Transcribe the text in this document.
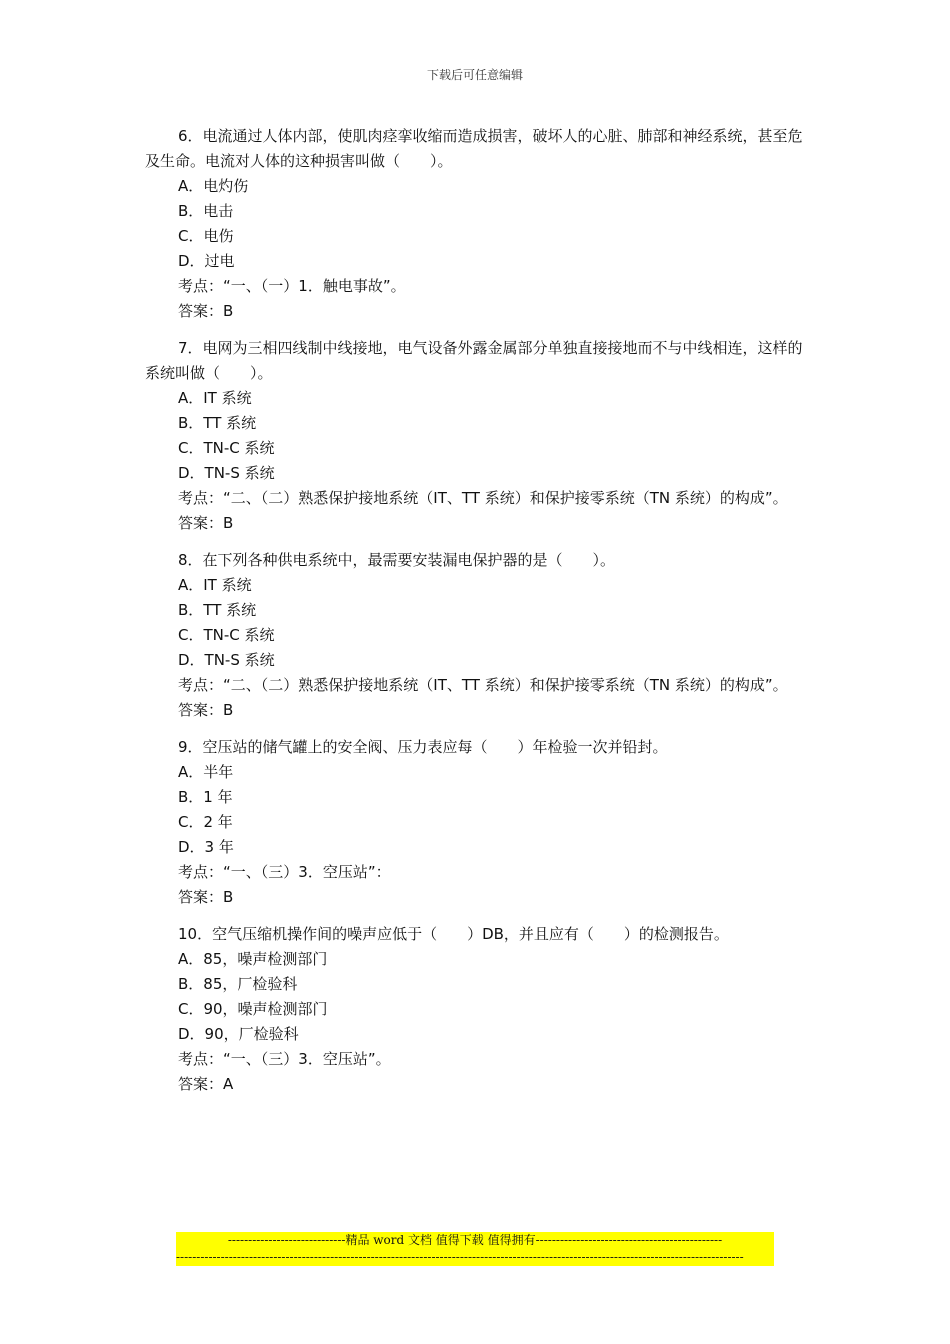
下载后可任意编辑
6．电流通过人体内部，使肌肉痉挛收缩而造成损害，破坏人的心脏、肺部和神经系统，甚至危及生命。电流对人体的这种损害叫做（　　）。
A．电灼伤
B．电击
C．电伤
D．过电
考点：“一、（一）1．触电事故”。
答案：B
7．电网为三相四线制中线接地，电气设备外露金属部分单独直接接地而不与中线相连，这样的系统叫做（　　）。
A．IT 系统
B．TT 系统
C．TN-C 系统
D．TN-S 系统
考点：“二、（二）熟悉保护接地系统（IT、TT 系统）和保护接零系统（TN 系统）的构成”。
答案：B
8．在下列各种供电系统中，最需要安装漏电保护器的是（　　）。
A．IT 系统
B．TT 系统
C．TN-C 系统
D．TN-S 系统
考点：“二、（二）熟悉保护接地系统（IT、TT 系统）和保护接零系统（TN 系统）的构成”。
答案：B
9．空压站的储气罐上的安全阀、压力表应每（　　）年检验一次并铅封。
A．半年
B．1 年
C．2 年
D．3 年
考点：“一、（三）3．空压站”：
答案：B
10．空气压缩机操作间的噪声应低于（　　）DB，并且应有（　　）的检测报告。
A．85，噪声检测部门
B．85，厂检验科
C．90，噪声检测部门
D．90，厂检验科
考点：“一、（三）3．空压站”。
答案：A
-----------------------------精品 word 文档 值得下载 值得拥有----------------------------------------------
--------------------------------------------------------------------------------------------------------------------------------------------
